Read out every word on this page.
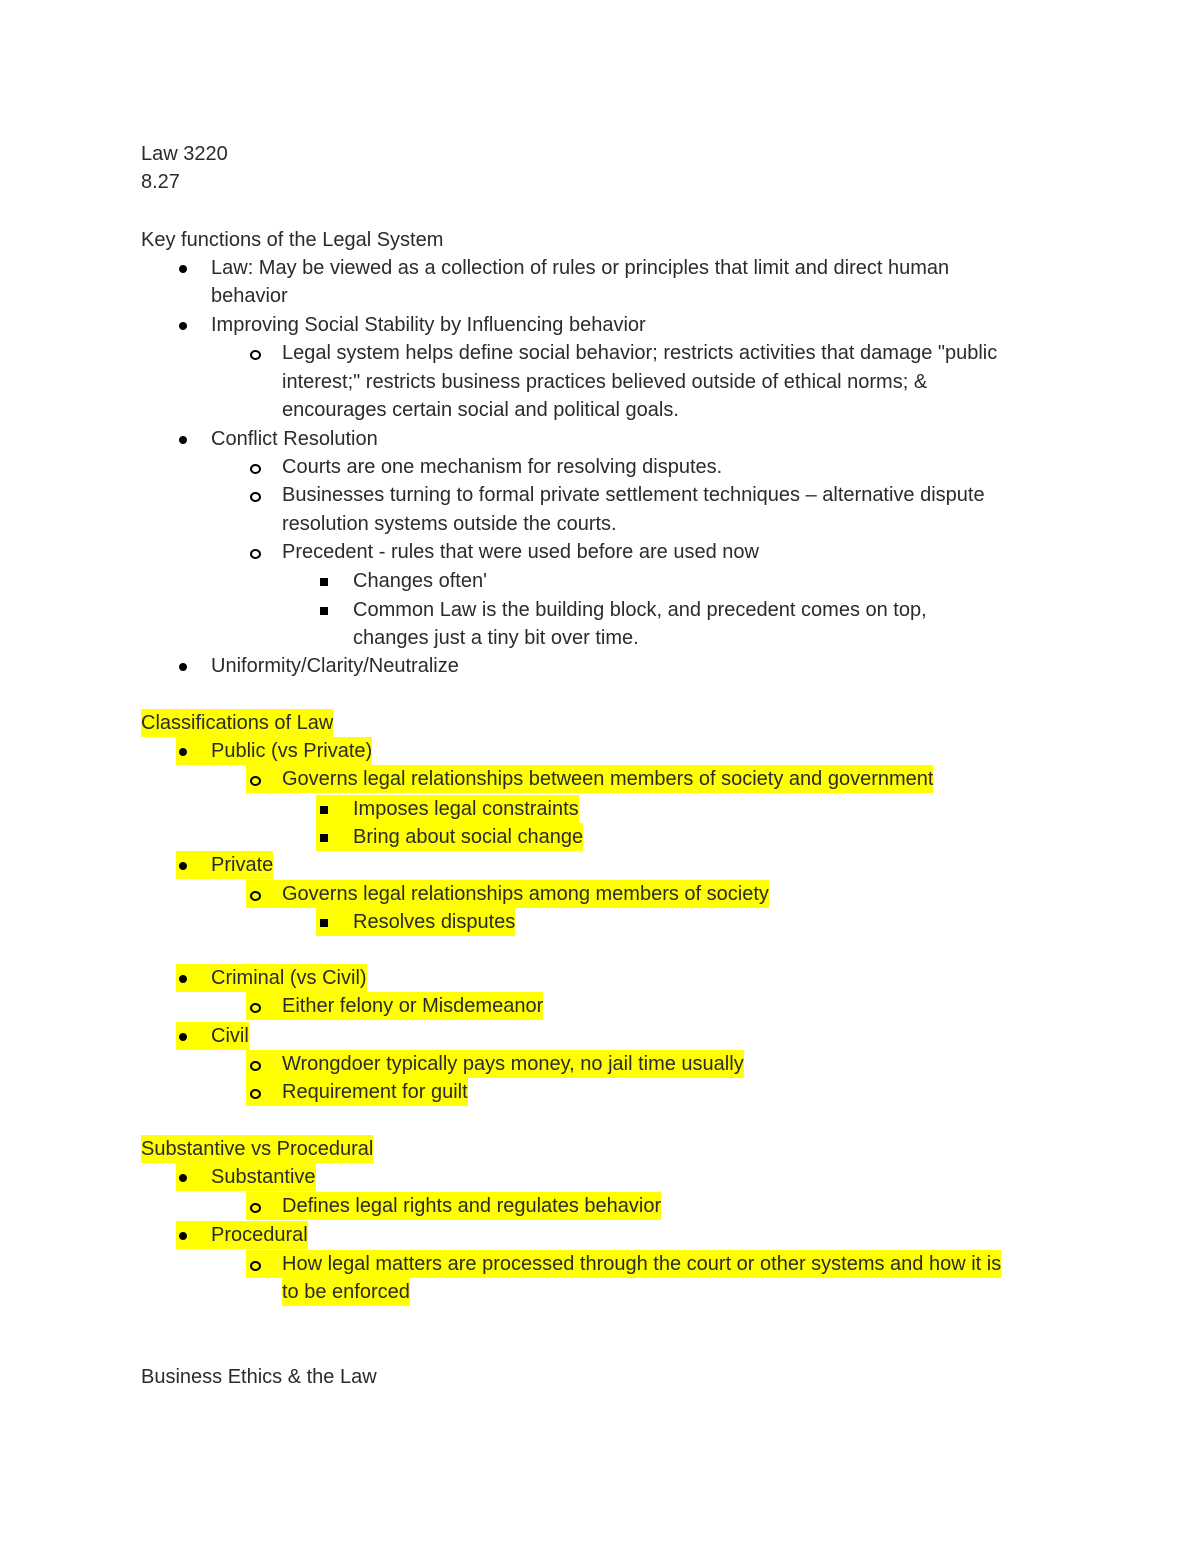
Law 3220
8.27
Key functions of the Legal System
Law: May be viewed as a collection of rules or principles that limit and direct human
behavior
Improving Social Stability by Influencing behavior
Legal system helps define social behavior; restricts activities that damage "public
interest;" restricts business practices believed outside of ethical norms; &
encourages certain social and political goals.
Conflict Resolution
Courts are one mechanism for resolving disputes.
Businesses turning to formal private settlement techniques – alternative dispute
resolution systems outside the courts.
Precedent - rules that were used before are used now
Changes often'
Common Law is the building block, and precedent comes on top,
changes just a tiny bit over time.
Uniformity/Clarity/Neutralize
Classifications of Law
Public (vs Private)
Governs legal relationships between members of society and government
Imposes legal constraints
Bring about social change
Private
Governs legal relationships among members of society
Resolves disputes
Criminal (vs Civil)
Either felony or Misdemeanor
Civil
Wrongdoer typically pays money, no jail time usually
Requirement for guilt
Substantive vs Procedural
Substantive
Defines legal rights and regulates behavior
Procedural
How legal matters are processed through the court or other systems and how it is
to be enforced
Business Ethics & the Law
